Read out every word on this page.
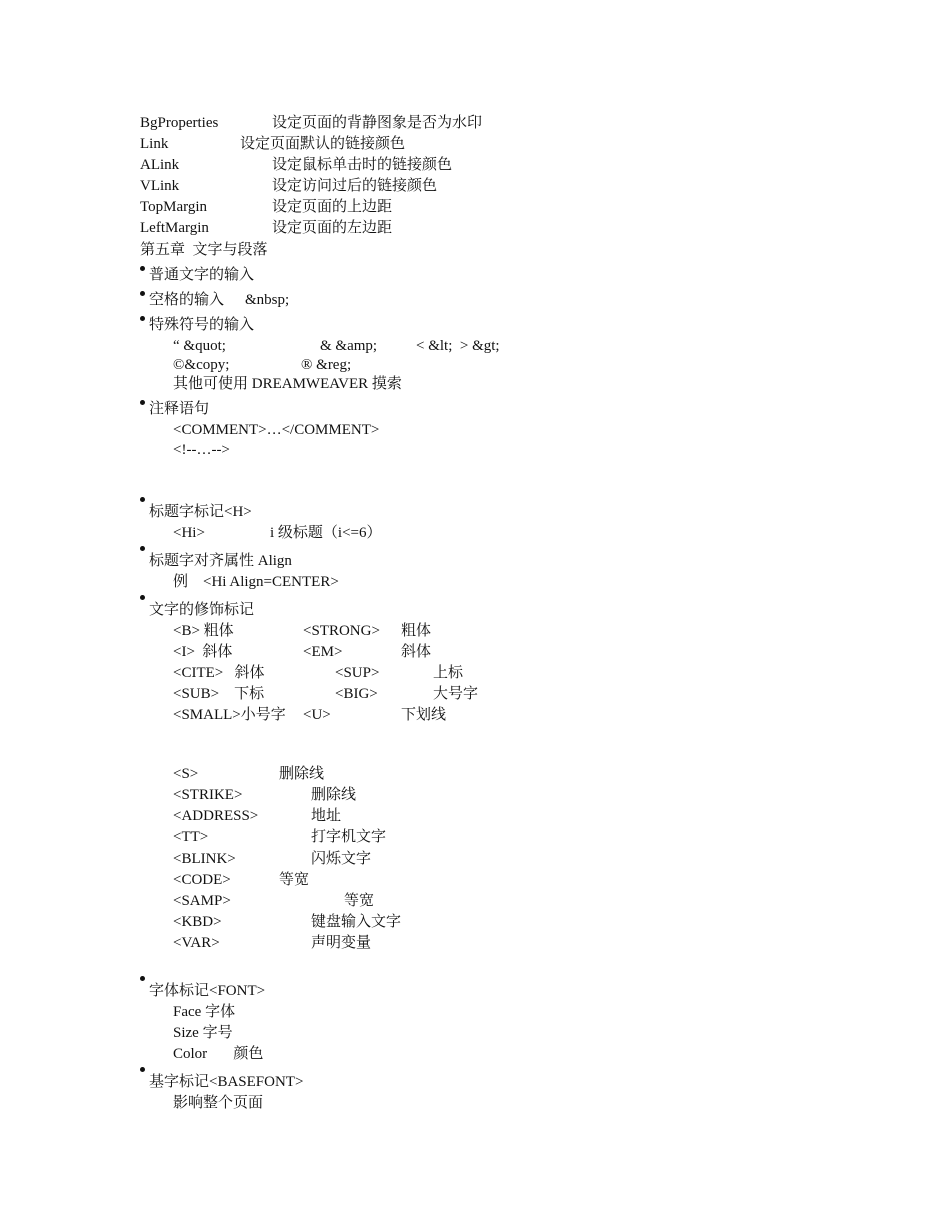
BgProperties	设定页面的背静图象是否为水印
Link	设定页面默认的链接颜色
ALink	设定鼠标单击时的链接颜色
VLink	设定访问过后的链接颜色
TopMargin	设定页面的上边距
LeftMargin	设定页面的左边距
第五章  文字与段落
普通文字的输入
空格的输入 &nbsp;
特殊符号的输入
“ &quot;	& &amp;	< &lt;  > &gt;
©&copy;	® &reg;
其他可使用 DREAMWEAVER 摸索
注释语句
<COMMENT>…</COMMENT>
<!--…-->
标题字标记<H>
<Hi>	i 级标题（i<=6）
标题字对齐属性 Align
例    <Hi Align=CENTER>
文字的修饰标记
<B> 粗体	<STRONG> 粗体
<I>  斜体	<EM>	斜体
<CITE>   斜体	<SUP>	上标
<SUB>    下标	<BIG>	大号字
<SMALL>小号字 <U>	下划线
<S>	删除线
<STRIKE>	删除线
<ADDRESS>	地址
<TT>	打字机文字
<BLINK>	闪烁文字
<CODE>	等宽
<SAMP>	等宽
<KBD>	键盘输入文字
<VAR>	声明变量
字体标记<FONT>
Face 字体
Size 字号
Color       颜色
基字标记<BASEFONT>
影响整个页面
